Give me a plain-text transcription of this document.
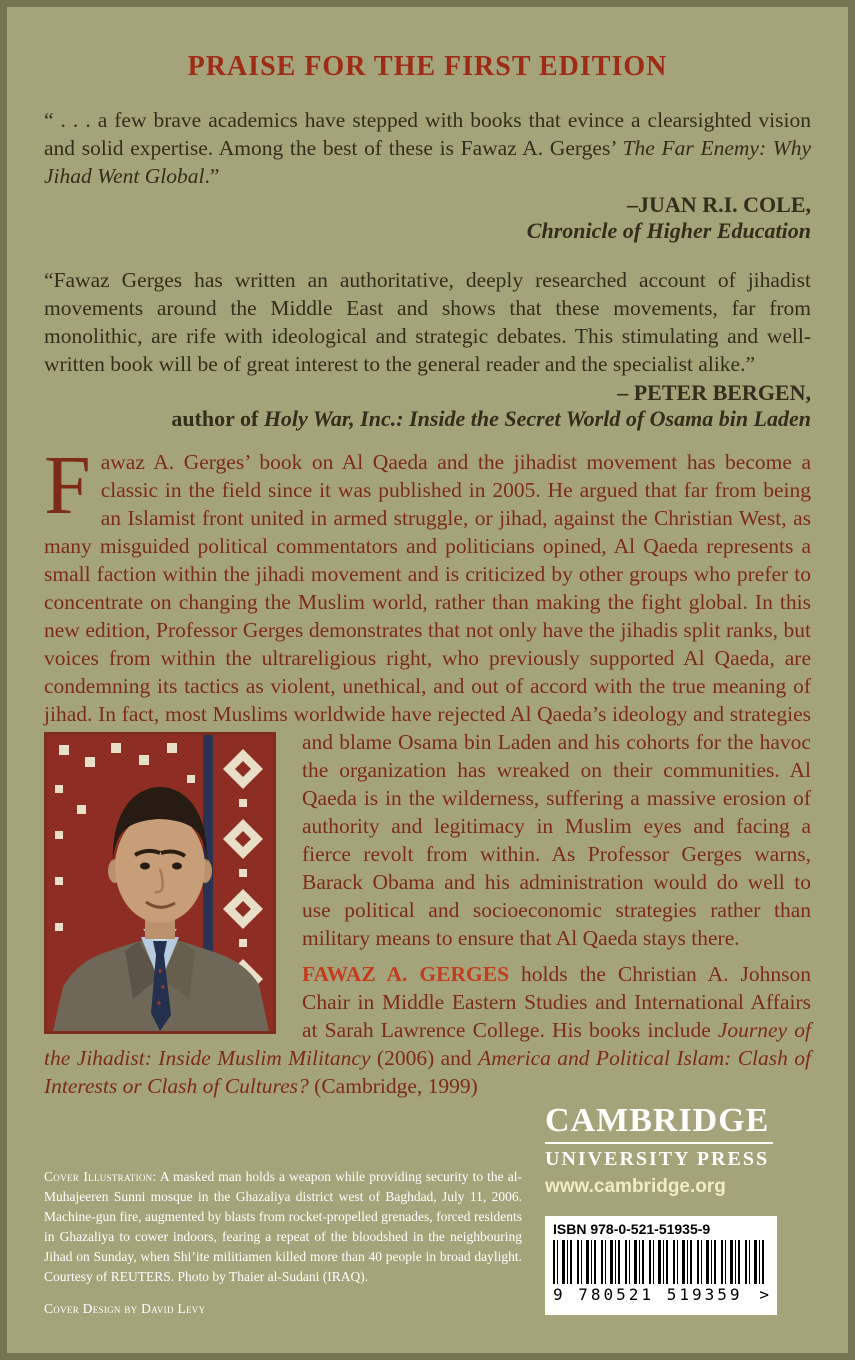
PRAISE FOR THE FIRST EDITION

“ . . . a few brave academics have stepped with books that evince a clearsighted vision and solid expertise. Among the best of these is Fawaz A. Gerges’ The Far Enemy: Why Jihad Went Global.”

–JUAN R.I. COLE,
Chronicle of Higher Education

“Fawaz Gerges has written an authoritative, deeply researched account of jihadist movements around the Middle East and shows that these movements, far from monolithic, are rife with ideological and strategic debates. This stimulating and well-written book will be of great interest to the general reader and the specialist alike.”

– PETER BERGEN,
author of Holy War, Inc.: Inside the Secret World of Osama bin Laden

Fawaz A. Gerges’ book on Al Qaeda and the jihadist movement has become a classic in the field since it was published in 2005. He argued that far from being an Islamist front united in armed struggle, or jihad, against the Christian West, as many misguided political commentators and politicians opined, Al Qaeda represents a small faction within the jihadi movement and is criticized by other groups who prefer to concentrate on changing the Muslim world, rather than making the fight global. In this new edition, Professor Gerges demonstrates that not only have the jihadis split ranks, but voices from within the ultrareligious right, who previously supported Al Qaeda, are condemning its tactics as violent, unethical, and out of accord with the true meaning of jihad. In fact, most Muslims worldwide have rejected Al Qaeda’s ideology and strategies and blame Osama bin
Laden and his cohorts for the havoc the organization has wreaked on their communities. Al Qaeda is in the wilderness, suffering a massive erosion of authority and legitimacy in Muslim eyes and facing a fierce revolt from within. As Professor Gerges warns, Barack Obama and his administration would do well to use political and socioeconomic strategies rather than military means to ensure that Al Qaeda stays there.

FAWAZ A. GERGES holds the Christian A. Johnson Chair in Middle Eastern Studies and International Affairs at Sarah Lawrence College. His books include Journey of the Jihadist: Inside Muslim Militancy (2006) and America and Political Islam: Clash of Interests or Clash of Cultures? (Cambridge, 1999)

CAMBRIDGE
UNIVERSITY PRESS
www.cambridge.org

Cover Illustration: A masked man holds a weapon while providing security to the al-Muhajeeren Sunni mosque in the Ghazaliya district west of Baghdad, July 11, 2006. Machine-gun fire, augmented by blasts from rocket-propelled grenades, forced residents in Ghazaliya to cower indoors, fearing a repeat of the bloodshed in the neighbouring Jihad on Sunday, when Shi’ite militiamen killed more than 40 people in broad daylight. Courtesy of REUTERS. Photo by Thaier al-Sudani (IRAQ).

Cover Design by David Levy

ISBN 978-0-521-51935-9
9 780521 519359 >
